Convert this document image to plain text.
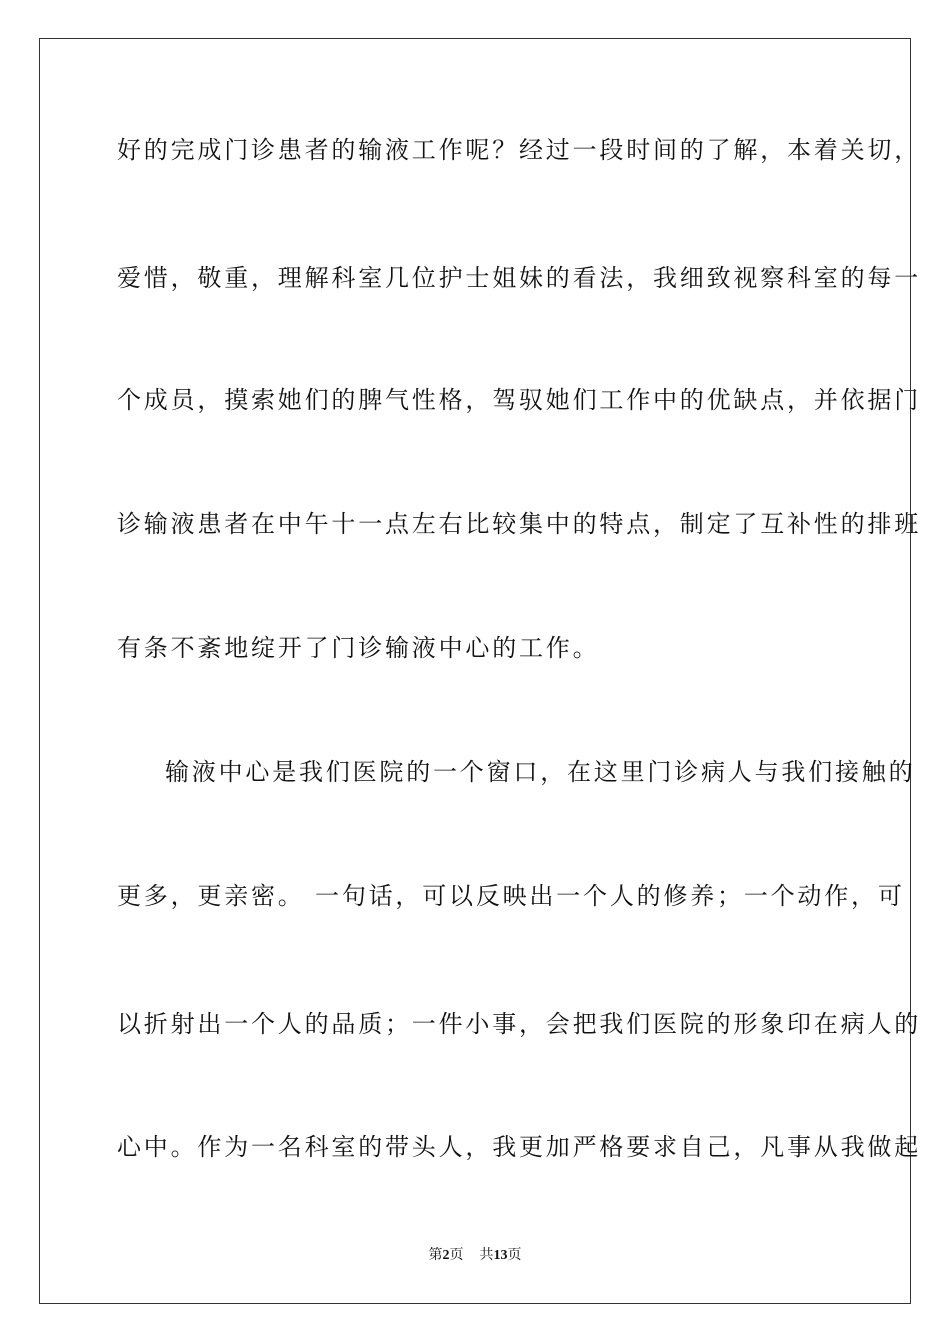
好的完成门诊患者的输液工作呢？经过一段时间的了解，本着关切，
爱惜，敬重，理解科室几位护士姐妹的看法，我细致视察科室的每一
个成员，摸索她们的脾气性格，驾驭她们工作中的优缺点，并依据门
诊输液患者在中午十一点左右比较集中的特点，制定了互补性的排班
有条不紊地绽开了门诊输液中心的工作。
输液中心是我们医院的一个窗口，在这里门诊病人与我们接触的
更多，更亲密。 一句话，可以反映出一个人的修养；一个动作，可
以折射出一个人的品质；一件小事，会把我们医院的形象印在病人的
心中。作为一名科室的带头人，我更加严格要求自己，凡事从我做起
第2页 共13页
